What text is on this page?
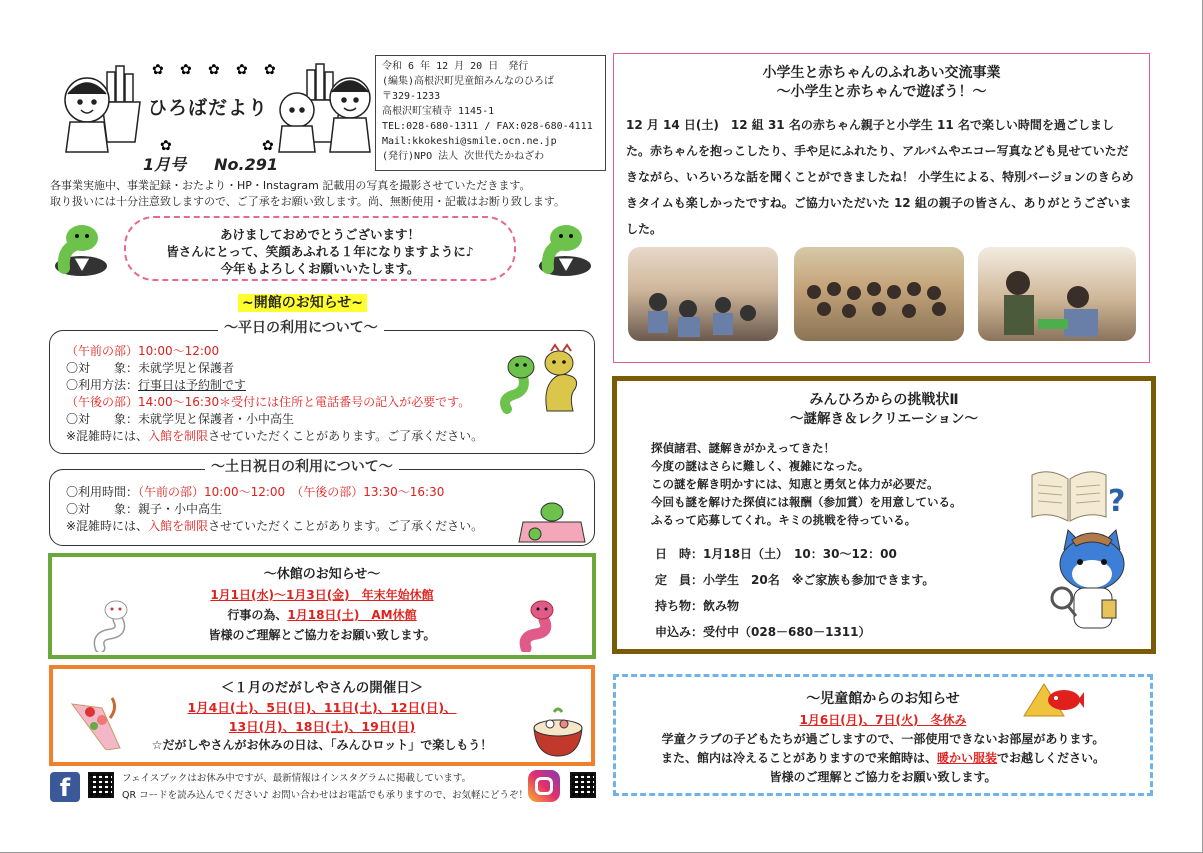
✿ ✿ ✿ ✿ ✿
✿	✿
ひろばだより
1月号 No.291
令和 6 年 12 月 20 日　発行
(編集)高根沢町児童館みんなのひろば
〒329-1233
高根沢町宝積寺 1145-1
TEL:028-680-1311 / FAX:028-680-4111
Mail:kkokeshi@smile.ocn.ne.jp
(発行)NPO 法人 次世代たかねざわ
各事業実施中、事業記録・おたより・HP・Instagram 記載用の写真を撮影させていただきます。
取り扱いには十分注意致しますので、ご了承をお願い致します。尚、無断使用・記載はお断り致します。
あけましておめでとうございます！
皆さんにとって、笑顔あふれる１年になりますように♪
今年もよろしくお願いいたします。
~開館のお知らせ~
～平日の利用について～
（午前の部）10:00～12:00
〇対　　象：未就学児と保護者
〇利用方法：行事日は予約制です
（午後の部）14:00～16:30＊受付には住所と電話番号の記入が必要です。
〇対　　象：未就学児と保護者・小中高生
※混雑時には、入館を制限させていただくことがあります。ご了承ください。
～土日祝日の利用について～
〇利用時間：（午前の部）10:00～12:00　 （午後の部）13:30～16:30
〇対　　象：親子・小中高生
※混雑時には、入館を制限させていただくことがあります。ご了承ください。
～休館のお知らせ～
1月1日(水)～1月3日(金)　年末年始休館
行事の為、1月18日(土)　AM休館
皆様のご理解とご協力をお願い致します。
＜１月のだがしやさんの開催日＞
1月4日(土)、5日(日)、11日(土)、12日(日)、
13日(月)、18日(土)、19日(日)
☆だがしやさんがお休みの日は、「みんひロット」で楽しもう！
f	フェイスブックはお休み中ですが、最新情報はインスタグラムに掲載しています。
QR コードを読み込んでください♪ お問い合わせはお電話でも承りますので、お気軽にどうぞ！
小学生と赤ちゃんのふれあい交流事業
～小学生と赤ちゃんで遊ぼう！～
12 月 14 日(土)　12 組 31 名の赤ちゃん親子と小学生 11 名で楽しい時間を過ごしました。赤ちゃんを抱っこしたり、手や足にふれたり、アルバムやエコー写真なども見せていただきながら、いろいろな話を聞くことができましたね！ 小学生による、特別バージョンのきらめきタイムも楽しかったですね。ご協力いただいた 12 組の親子の皆さん、ありがとうございました。
みんひろからの挑戦状Ⅱ
～謎解き＆レクリエーション～
探偵諸君、謎解きがかえってきた！
今度の謎はさらに難しく、複雑になった。
この謎を解き明かすには、知恵と勇気と体力が必要だ。
今回も謎を解けた探偵には報酬（参加賞）を用意している。
ふるって応募してくれ。キミの挑戦を待っている。
日　時：1月18日（土）　10：30～12：00
定　員：小学生　20名　※ご家族も参加できます。
持ち物：飲み物
申込み：受付中（028－680－1311）
?
～児童館からのお知らせ
1月6日(月)、7日(火)　冬休み
学童クラブの子どもたちが過ごしますので、一部使用できないお部屋があります。
また、館内は冷えることがありますので来館時は、暖かい服装でお越しください。
皆様のご理解とご協力をお願い致します。
